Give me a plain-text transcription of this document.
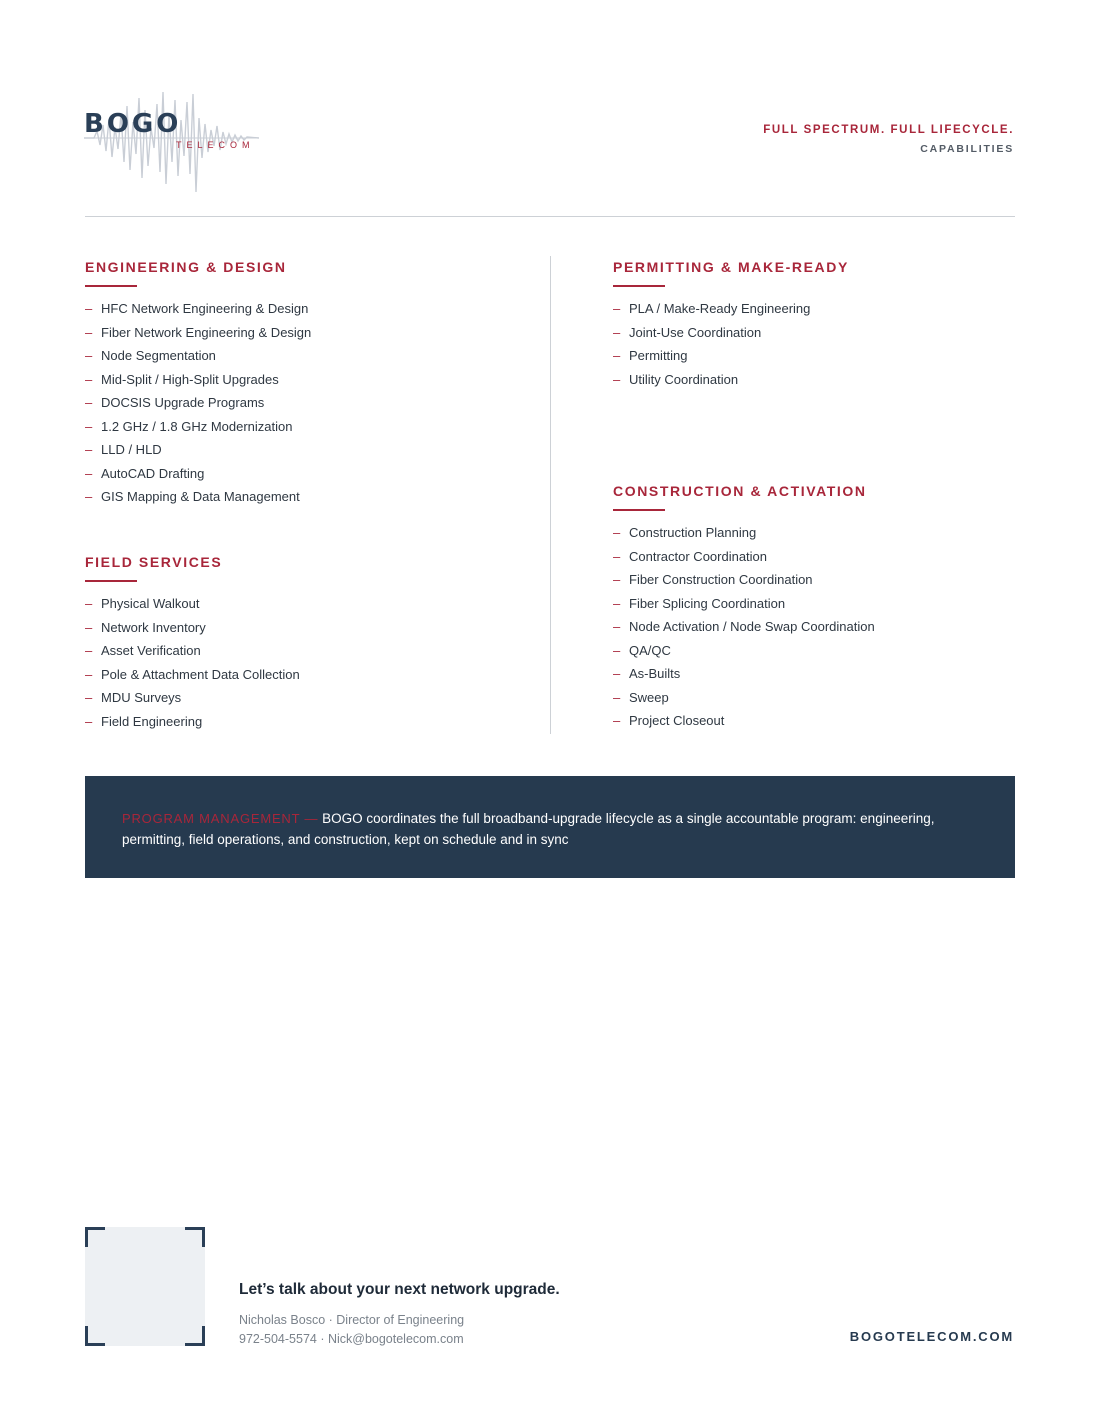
BOGO
TELECOM
FULL SPECTRUM. FULL LIFECYCLE.
CAPABILITIES
ENGINEERING & DESIGN
– HFC Network Engineering & Design
– Fiber Network Engineering & Design
– Node Segmentation
– Mid-Split / High-Split Upgrades
– DOCSIS Upgrade Programs
– 1.2 GHz / 1.8 GHz Modernization
– LLD / HLD
– AutoCAD Drafting
– GIS Mapping & Data Management
FIELD SERVICES
– Physical Walkout
– Network Inventory
– Asset Verification
– Pole & Attachment Data Collection
– MDU Surveys
– Field Engineering
PERMITTING & MAKE-READY
– PLA / Make-Ready Engineering
– Joint-Use Coordination
– Permitting
– Utility Coordination
CONSTRUCTION & ACTIVATION
– Construction Planning
– Contractor Coordination
– Fiber Construction Coordination
– Fiber Splicing Coordination
– Node Activation / Node Swap Coordination
– QA/QC
– As-Builts
– Sweep
– Project Closeout
PROGRAM MANAGEMENT — BOGO coordinates the full broadband-upgrade lifecycle as a single accountable program: engineering, permitting, field operations, and construction, kept on schedule and in sync
Let’s talk about your next network upgrade.
Nicholas Bosco · Director of Engineering
972-504-5574 · Nick@bogotelecom.com	BOGOTELECOM.COM
